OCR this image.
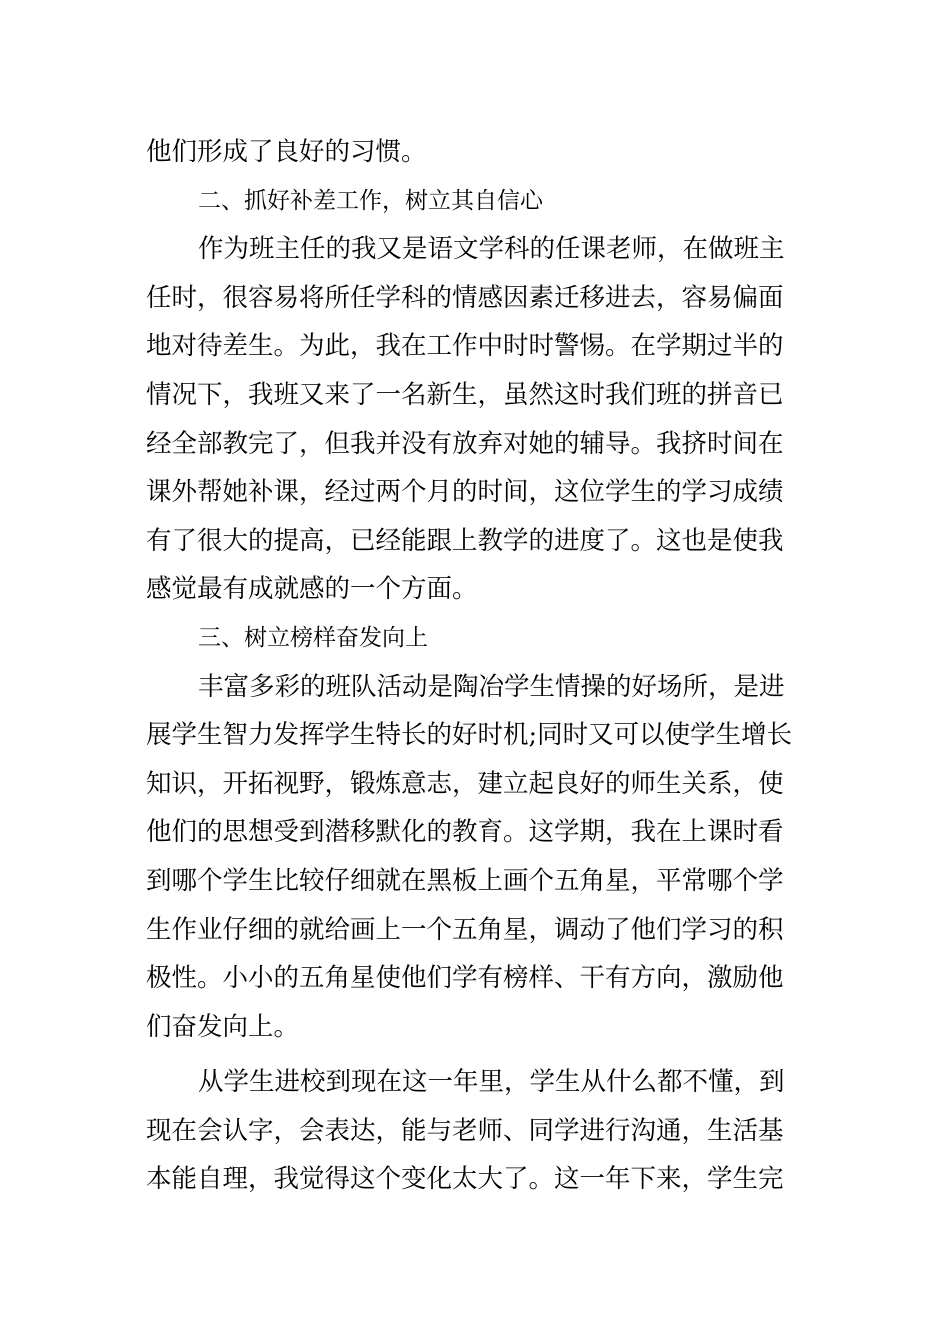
他们形成了良好的习惯。
二、抓好补差工作，树立其自信心
作为班主任的我又是语文学科的任课老师，在做班主
任时，很容易将所任学科的情感因素迁移进去，容易偏面
地对待差生。为此，我在工作中时时警惕。在学期过半的
情况下，我班又来了一名新生，虽然这时我们班的拼音已
经全部教完了，但我并没有放弃对她的辅导。我挤时间在
课外帮她补课，经过两个月的时间，这位学生的学习成绩
有了很大的提高，已经能跟上教学的进度了。这也是使我
感觉最有成就感的一个方面。
三、树立榜样奋发向上
丰富多彩的班队活动是陶冶学生情操的好场所，是进
展学生智力发挥学生特长的好时机;同时又可以使学生增长
知识，开拓视野，锻炼意志，建立起良好的师生关系，使
他们的思想受到潜移默化的教育。这学期，我在上课时看
到哪个学生比较仔细就在黑板上画个五角星，平常哪个学
生作业仔细的就给画上一个五角星，调动了他们学习的积
极性。小小的五角星使他们学有榜样、干有方向，激励他
们奋发向上。
从学生进校到现在这一年里，学生从什么都不懂，到
现在会认字，会表达，能与老师、同学进行沟通，生活基
本能自理，我觉得这个变化太大了。这一年下来，学生完
